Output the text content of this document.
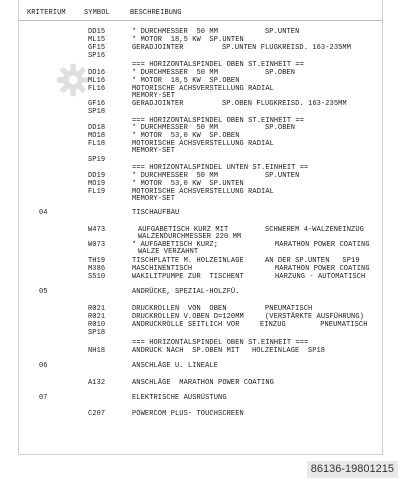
KRITERIUM	SYMBOL	BESCHREIBUNG
DD15	* DURCHMESSER  50 MM	SP.UNTEN
ML15	* MOTOR  18,5 KW  SP.UNTEN
GF15	GERADJOINTER	SP.UNTEN FLUGKREISD. 163-235MM
SP16
=== HORIZONTALSPINDEL OBEN ST.EINHEIT ==
DD16	* DURCHMESSER  50 MM	SP.OBEN
ML16	* MOTOR  18,5 KW  SP.OBEN
FL16	MOTORISCHE ACHSVERSTELLUNG RADIAL
MEMORY-SET
GF16	GERADJOINTER	SP.OBEN FLUGKREISD. 163-235MM
SP18
=== HORIZONTALSPINDEL OBEN ST.EINHEIT ==
DD18	* DURCHMESSER  50 MM	SP.OBEN
MO18	* MOTOR  53,0 KW  SP.OBEN
FL18	MOTORISCHE ACHSVERSTELLUNG RADIAL
MEMORY-SET
SP19
=== HORIZONTALSPINDEL UNTEN ST.EINHEIT ==
DD19	* DURCHMESSER  50 MM	SP.UNTEN
MO19	* MOTOR  53,0 KW  SP.UNTEN
FL19	MOTORISCHE ACHSVERSTELLUNG RADIAL
MEMORY-SET
04	TISCHAUFBAU
W473	AUFGABETISCH KURZ MIT	SCHWEREM 4-WALZENEINZUG
WALZENDURCHMESSER 220 MM
W073	* AUFGABETISCH KURZ;	MARATHON POWER COATING
WALZE VERZAHNT
TH19	TISCHPLATTE M. HOLZEINLAGE	AN DER SP.UNTEN   SP19
M386	MASCHINENTISCH	MARATHON POWER COATING
S510	WAKILITPUMPE ZUR  TISCHENT	HARZUNG - AUTOMATISCH
05	ANDRÜCKE, SPEZIAL-HOLZFÜ.
R021	DRUCKROLLEN  VON  OBEN	PNEUMATISCH
R021	DRUCKROLLEN V.OBEN D=120MM	(VERSTÄRKTE AUSFÜHRUNG)
R010	ANDRUCKROLLE SEITLICH VOR	EINZUG        PNEUMATISCH
SP18
=== HORIZONTALSPINDEL OBEN ST.EINHEIT ===
NH18	ANDRUCK NACH  SP.OBEN MIT HOLZEINLAGE  SP18
06	ANSCHLÄGE U. LINEALE
A132	ANSCHLÄGE  MARATHON POWER COATING
07	ELEKTRISCHE AUSRÜSTUNG
C207	POWERCOM PLUS- TOUCHSCREEN
86136-19801215
